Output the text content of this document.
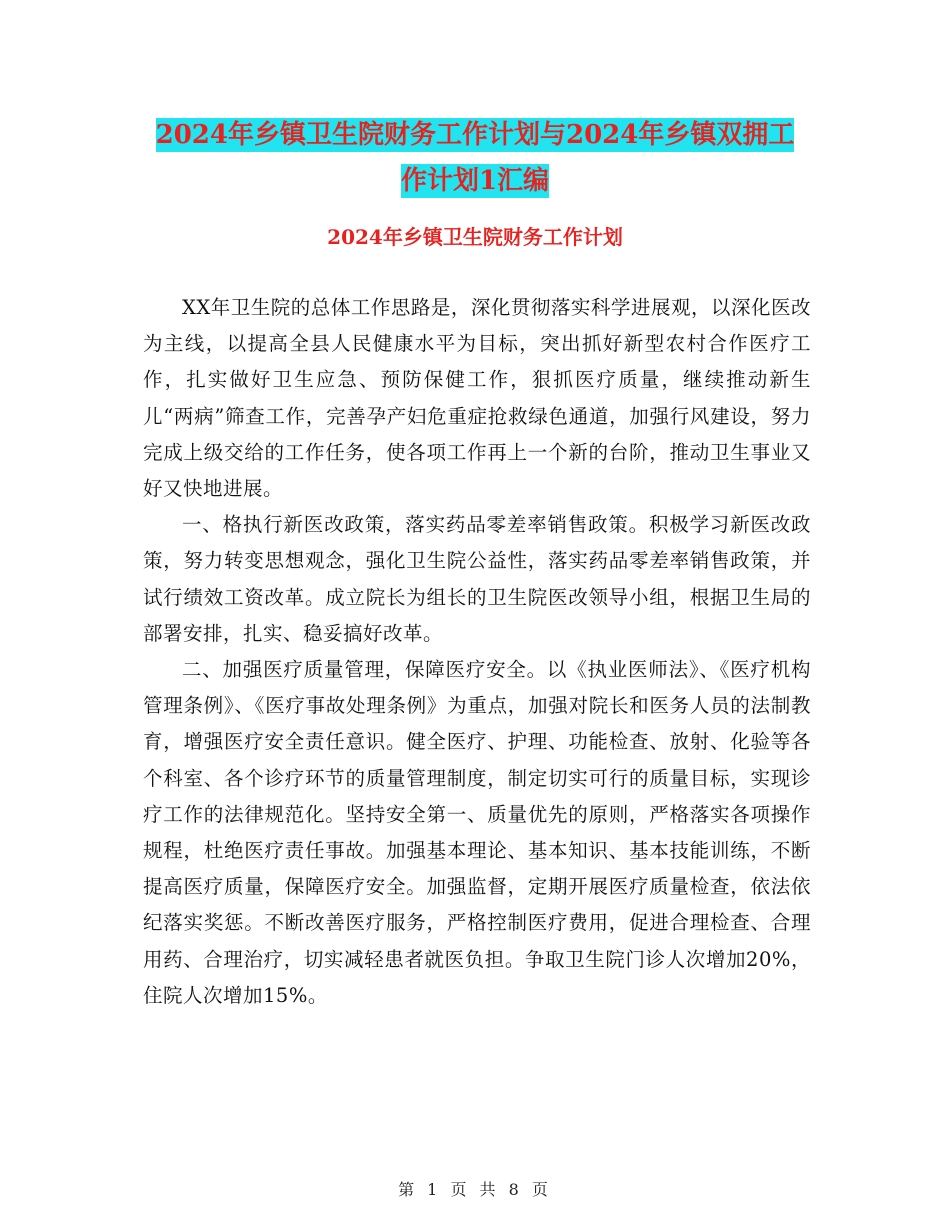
2024年乡镇卫生院财务工作计划与2024年乡镇双拥工
作计划1汇编
2024年乡镇卫生院财务工作计划

XX年卫生院的总体工作思路是，深化贯彻落实科学进展观，以深化医改为主线，以提高全县人民健康水平为目标，突出抓好新型农村合作医疗工作，扎实做好卫生应急、预防保健工作，狠抓医疗质量，继续推动新生儿“两病”筛查工作，完善孕产妇危重症抢救绿色通道，加强行风建设，努力完成上级交给的工作任务，使各项工作再上一个新的台阶，推动卫生事业又好又快地进展。

一、格执行新医改政策，落实药品零差率销售政策。积极学习新医改政策，努力转变思想观念，强化卫生院公益性，落实药品零差率销售政策，并试行绩效工资改革。成立院长为组长的卫生院医改领导小组，根据卫生局的部署安排，扎实、稳妥搞好改革。

二、加强医疗质量管理，保障医疗安全。以《执业医师法》、《医疗机构管理条例》、《医疗事故处理条例》为重点，加强对院长和医务人员的法制教育，增强医疗安全责任意识。健全医疗、护理、功能检查、放射、化验等各个科室、各个诊疗环节的质量管理制度，制定切实可行的质量目标，实现诊疗工作的法律规范化。坚持安全第一、质量优先的原则，严格落实各项操作规程，杜绝医疗责任事故。加强基本理论、基本知识、基本技能训练，不断提高医疗质量，保障医疗安全。加强监督，定期开展医疗质量检查，依法依纪落实奖惩。不断改善医疗服务，严格控制医疗费用，促进合理检查、合理用药、合理治疗，切实减轻患者就医负担。争取卫生院门诊人次增加20%，住院人次增加15%。

第 1 页 共 8 页
